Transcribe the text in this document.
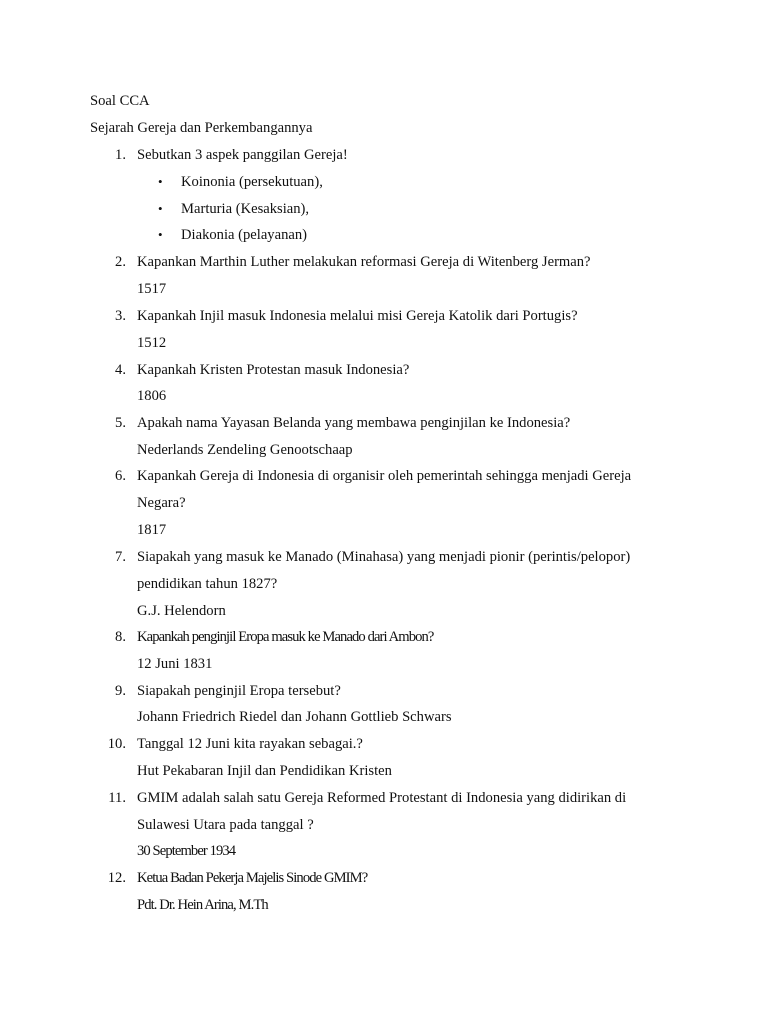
Soal CCA
Sejarah Gereja dan Perkembangannya
1. Sebutkan 3 aspek panggilan Gereja!
• Koinonia (persekutuan),
• Marturia (Kesaksian),
• Diakonia (pelayanan)
2. Kapankan Marthin Luther melakukan reformasi Gereja di Witenberg Jerman?
1517
3. Kapankah Injil masuk Indonesia melalui misi Gereja Katolik dari Portugis?
1512
4. Kapankah Kristen Protestan masuk Indonesia?
1806
5. Apakah nama Yayasan Belanda yang membawa penginjilan ke Indonesia?
Nederlands Zendeling Genootschaap
6. Kapankah Gereja di Indonesia di organisir oleh pemerintah sehingga menjadi Gereja
Negara?
1817
7. Siapakah yang masuk ke Manado (Minahasa) yang menjadi pionir (perintis/pelopor)
pendidikan tahun 1827?
G.J. Helendorn
8. Kapankah penginjil Eropa masuk ke Manado dari Ambon?
12 Juni 1831
9. Siapakah penginjil Eropa tersebut?
Johann Friedrich Riedel dan Johann Gottlieb Schwars
10. Tanggal 12 Juni kita rayakan sebagai.?
Hut Pekabaran Injil dan Pendidikan Kristen
11. GMIM adalah salah satu Gereja Reformed Protestant di Indonesia yang didirikan di
Sulawesi Utara pada tanggal ?
30 September 1934
12. Ketua Badan Pekerja Majelis Sinode GMIM?
Pdt. Dr. Hein Arina, M.Th
